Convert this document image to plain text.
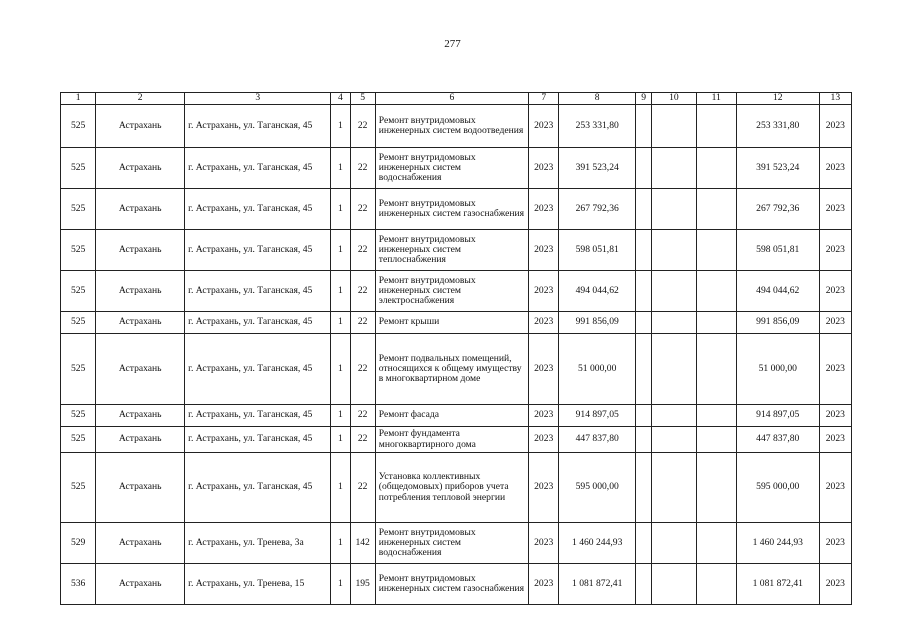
277
1	2	3	4	5	6	7	8	9	10	11	12	13
525	Астрахань	г. Астрахань, ул. Таганская, 45	1	22	Ремонт внутридомовых инженерных систем водоотведения	2023	253 331,80				253 331,80	2023
525	Астрахань	г. Астрахань, ул. Таганская, 45	1	22	Ремонт внутридомовых инженерных систем водоснабжения	2023	391 523,24				391 523,24	2023
525	Астрахань	г. Астрахань, ул. Таганская, 45	1	22	Ремонт внутридомовых инженерных систем газоснабжения	2023	267 792,36				267 792,36	2023
525	Астрахань	г. Астрахань, ул. Таганская, 45	1	22	Ремонт внутридомовых инженерных систем теплоснабжения	2023	598 051,81				598 051,81	2023
525	Астрахань	г. Астрахань, ул. Таганская, 45	1	22	Ремонт внутридомовых инженерных систем электроснабжения	2023	494 044,62				494 044,62	2023
525	Астрахань	г. Астрахань, ул. Таганская, 45	1	22	Ремонт крыши	2023	991 856,09				991 856,09	2023
525	Астрахань	г. Астрахань, ул. Таганская, 45	1	22	Ремонт подвальных помещений, относящихся к общему имуществу в многоквартирном доме	2023	51 000,00				51 000,00	2023
525	Астрахань	г. Астрахань, ул. Таганская, 45	1	22	Ремонт фасада	2023	914 897,05				914 897,05	2023
525	Астрахань	г. Астрахань, ул. Таганская, 45	1	22	Ремонт фундамента многоквартирного дома	2023	447 837,80				447 837,80	2023
525	Астрахань	г. Астрахань, ул. Таганская, 45	1	22	Установка коллективных (общедомовых) приборов учета потребления тепловой энергии	2023	595 000,00				595 000,00	2023
529	Астрахань	г. Астрахань, ул. Тренева, 3а	1	142	Ремонт внутридомовых инженерных систем водоснабжения	2023	1 460 244,93				1 460 244,93	2023
536	Астрахань	г. Астрахань, ул. Тренева, 15	1	195	Ремонт внутридомовых инженерных систем газоснабжения	2023	1 081 872,41				1 081 872,41	2023
